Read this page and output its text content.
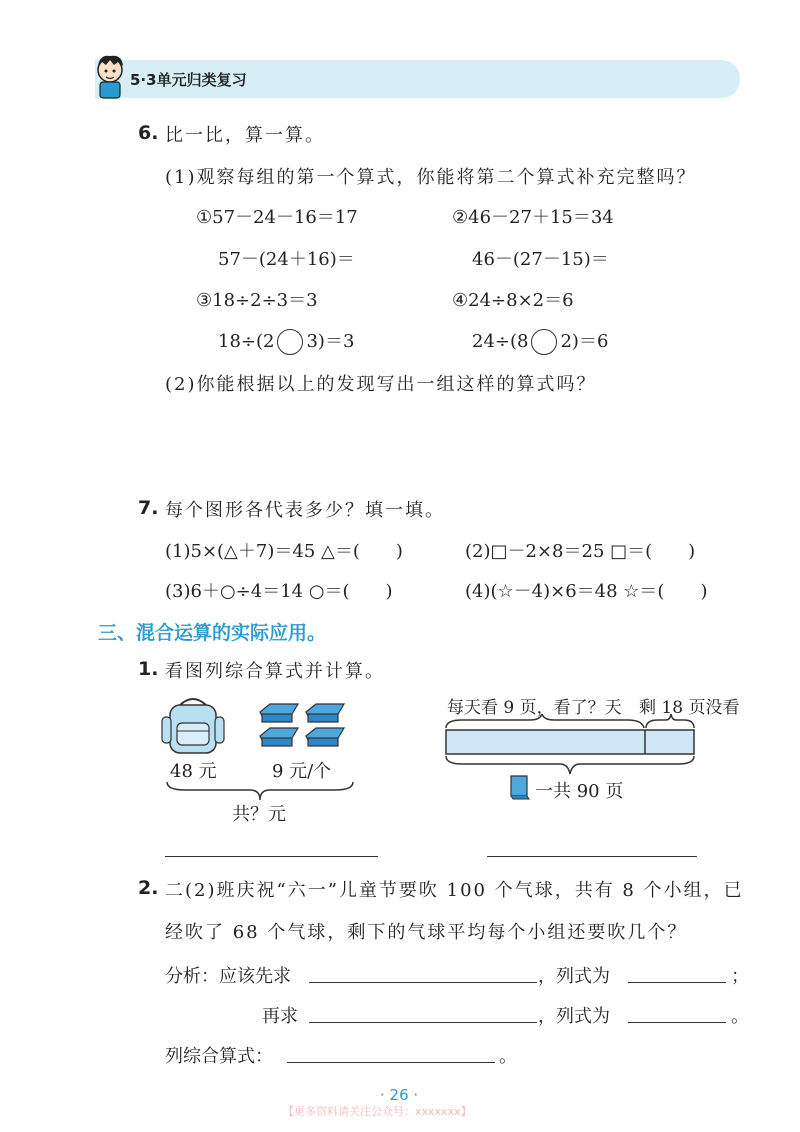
5·3单元归类复习
6. 比一比，算一算。
(1)观察每组的第一个算式，你能将第二个算式补充完整吗？
①57－24－16＝17	②46－27＋15＝34
57－(24＋16)＝	46－(27－15)＝
③18÷2÷3＝3	④24÷8×2＝6
18÷(2 3)＝3	24÷(8 2)＝6
(2)你能根据以上的发现写出一组这样的算式吗？
7. 每个图形各代表多少？填一填。
(1)5×(△＋7)＝45 △＝(　　)	(2)□－2×8＝25 □＝(　　)
(3)6＋○÷4＝14 ○＝(　　)	(4)(☆－4)×6＝48 ☆＝(　　)
三、混合运算的实际应用。
1. 看图列综合算式并计算。
48 元	9 元/个
共？元
每天看 9 页，看了？天 剩 18 页没看
一共 90 页
2. 二(2)班庆祝“六一”儿童节要吹 100 个气球，共有 8 个小组，已
经吹了 68 个气球，剩下的气球平均每个小组还要吹几个？
分析：应该先求	，列式为	；
再求	，列式为	。
列综合算式：	。
· 26 ·
【更多资料请关注公众号：xxxxxxx】
